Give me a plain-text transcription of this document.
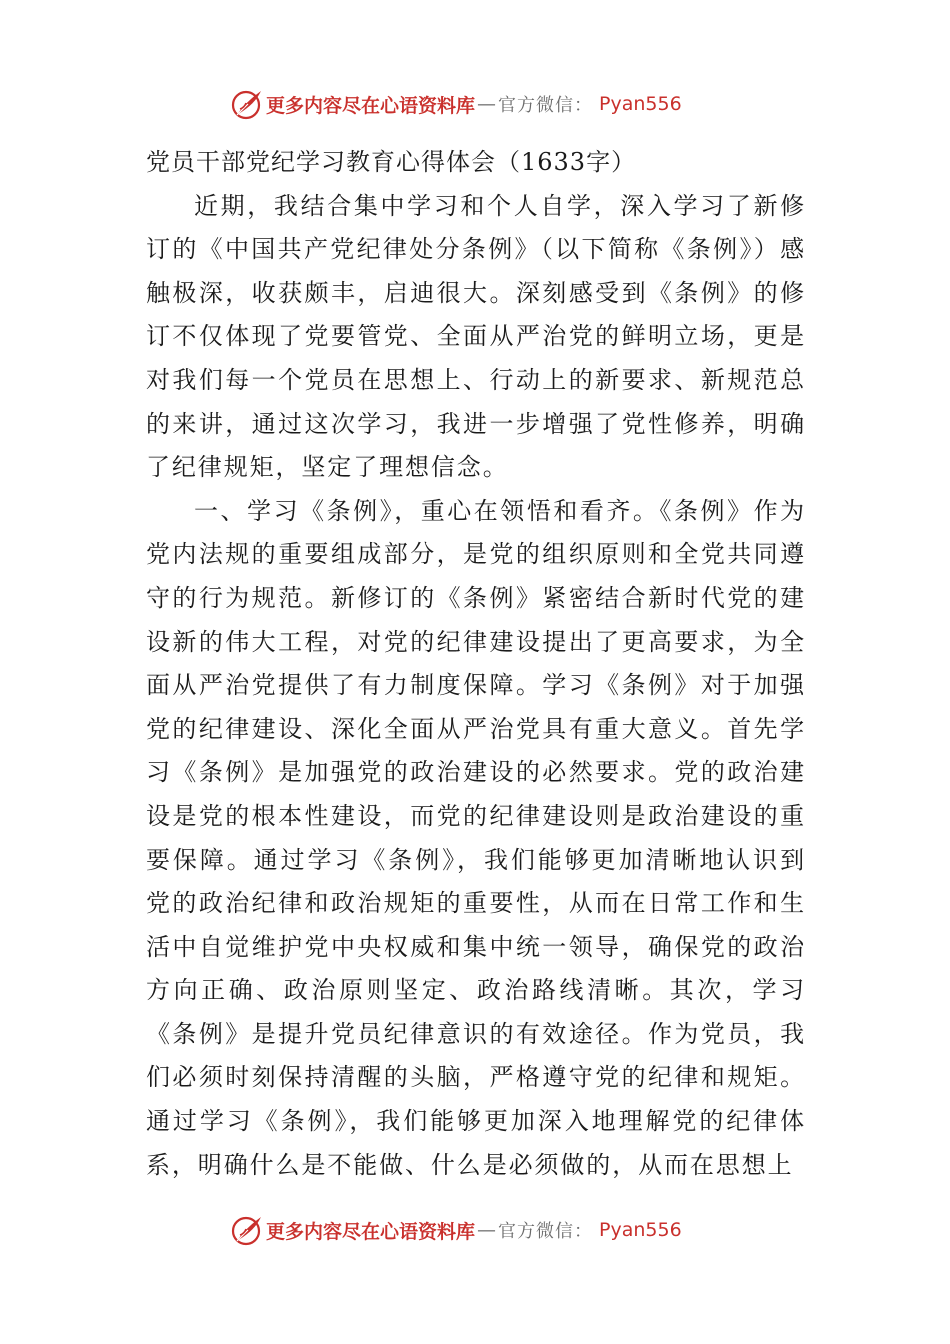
更多内容尽在心语资料库 — 官方微信： Pyan556

党员干部党纪学习教育心得体会（1633字）

近期，我结合集中学习和个人自学，深入学习了新修订的《中国共产党纪律处分条例》（以下简称《条例》）感触极深，收获颇丰，启迪很大。深刻感受到《条例》的修订不仅体现了党要管党、全面从严治党的鲜明立场，更是对我们每一个党员在思想上、行动上的新要求、新规范总的来讲，通过这次学习，我进一步增强了党性修养，明确了纪律规矩，坚定了理想信念。

一、学习《条例》，重心在领悟和看齐。《条例》作为党内法规的重要组成部分，是党的组织原则和全党共同遵守的行为规范。新修订的《条例》紧密结合新时代党的建设新的伟大工程，对党的纪律建设提出了更高要求，为全面从严治党提供了有力制度保障。学习《条例》对于加强党的纪律建设、深化全面从严治党具有重大意义。首先学习《条例》是加强党的政治建设的必然要求。党的政治建设是党的根本性建设，而党的纪律建设则是政治建设的重要保障。通过学习《条例》，我们能够更加清晰地认识到党的政治纪律和政治规矩的重要性，从而在日常工作和生活中自觉维护党中央权威和集中统一领导，确保党的政治方向正确、政治原则坚定、政治路线清晰。其次，学习《条例》是提升党员纪律意识的有效途径。作为党员，我们必须时刻保持清醒的头脑，严格遵守党的纪律和规矩。通过学习《条例》，我们能够更加深入地理解党的纪律体系，明确什么是不能做、什么是必须做的，从而在思想上

更多内容尽在心语资料库 — 官方微信： Pyan556
